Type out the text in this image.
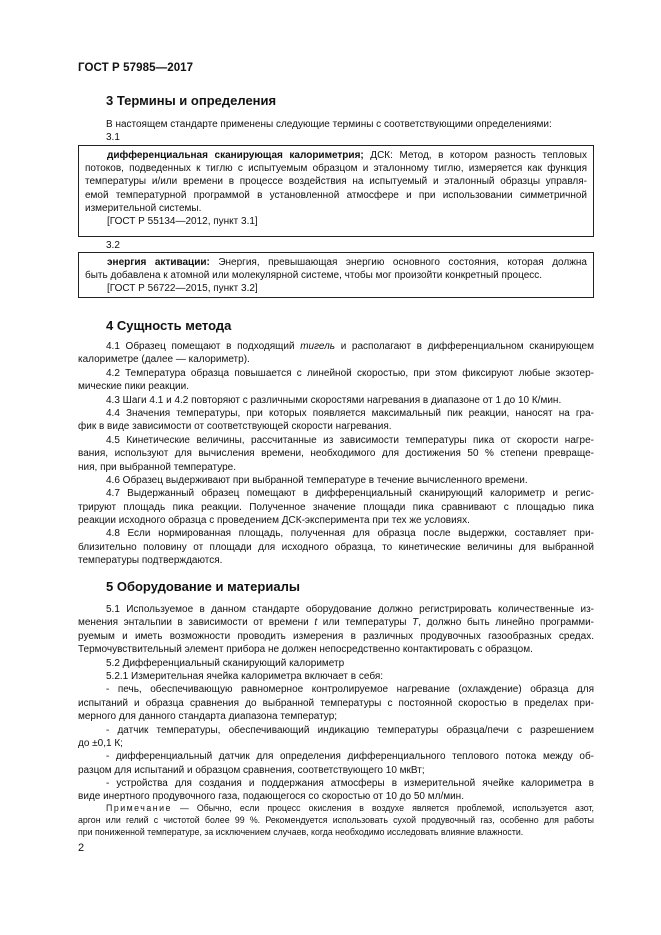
ГОСТ Р 57985—2017
3 Термины и определения
В настоящем стандарте применены следующие термины с соответствующими определениями:
3.1
дифференциальная сканирующая калориметрия; ДСК: Метод, в котором разность тепловых
потоков, подведенных к тиглю с испытуемым образцом и эталонному тиглю, измеряется как функция
температуры и/или времени в процессе воздействия на испытуемый и эталонный образцы управля-
емой температурной программой в установленной атмосфере и при использовании симметричной
измерительной системы.
[ГОСТ Р 55134—2012, пункт 3.1]
3.2
энергия активации: Энергия, превышающая энергию основного состояния, которая должна
быть добавлена к атомной или молекулярной системе, чтобы мог произойти конкретный процесс.
[ГОСТ Р 56722—2015, пункт 3.2]
4 Сущность метода
4.1 Образец помещают в подходящий тигель и располагают в дифференциальном сканирующем
калориметре (далее — калориметр).
4.2 Температура образца повышается с линейной скоростью, при этом фиксируют любые экзотер-
мические пики реакции.
4.3 Шаги 4.1 и 4.2 повторяют с различными скоростями нагревания в диапазоне от 1 до 10 К/мин.
4.4 Значения температуры, при которых появляется максимальный пик реакции, наносят на гра-
фик в виде зависимости от соответствующей скорости нагревания.
4.5 Кинетические величины, рассчитанные из зависимости температуры пика от скорости нагре-
вания, используют для вычисления времени, необходимого для достижения 50 % степени превраще-
ния, при выбранной температуре.
4.6 Образец выдерживают при выбранной температуре в течение вычисленного времени.
4.7 Выдержанный образец помещают в дифференциальный сканирующий калориметр и регис-
трируют площадь пика реакции. Полученное значение площади пика сравнивают с площадью пика
реакции исходного образца с проведением ДСК-эксперимента при тех же условиях.
4.8 Если нормированная площадь, полученная для образца после выдержки, составляет при-
близительно половину от площади для исходного образца, то кинетические величины для выбранной
температуры подтверждаются.
5 Оборудование и материалы
5.1 Используемое в данном стандарте оборудование должно регистрировать количественные из-
менения энтальпии в зависимости от времени t или температуры T, должно быть линейно программи-
руемым и иметь возможности проводить измерения в различных продувочных газообразных средах.
Термочувствительный элемент прибора не должен непосредственно контактировать с образцом.
5.2 Дифференциальный сканирующий калориметр
5.2.1 Измерительная ячейка калориметра включает в себя:
- печь, обеспечивающую равномерное контролируемое нагревание (охлаждение) образца для
испытаний и образца сравнения до выбранной температуры с постоянной скоростью в пределах при-
мерного для данного стандарта диапазона температур;
- датчик температуры, обеспечивающий индикацию температуры образца/печи с разрешением
до ±0,1 К;
- дифференциальный датчик для определения дифференциального теплового потока между об-
разцом для испытаний и образцом сравнения, соответствующего 10 мкВт;
- устройства для создания и поддержания атмосферы в измерительной ячейке калориметра в
виде инертного продувочного газа, подающегося со скоростью от 10 до 50 мл/мин.
Примечание — Обычно, если процесс окисления в воздухе является проблемой, используется азот,
аргон или гелий с чистотой более 99 %. Рекомендуется использовать сухой продувочный газ, особенно для работы
при пониженной температуре, за исключением случаев, когда необходимо исследовать влияние влажности.
2
